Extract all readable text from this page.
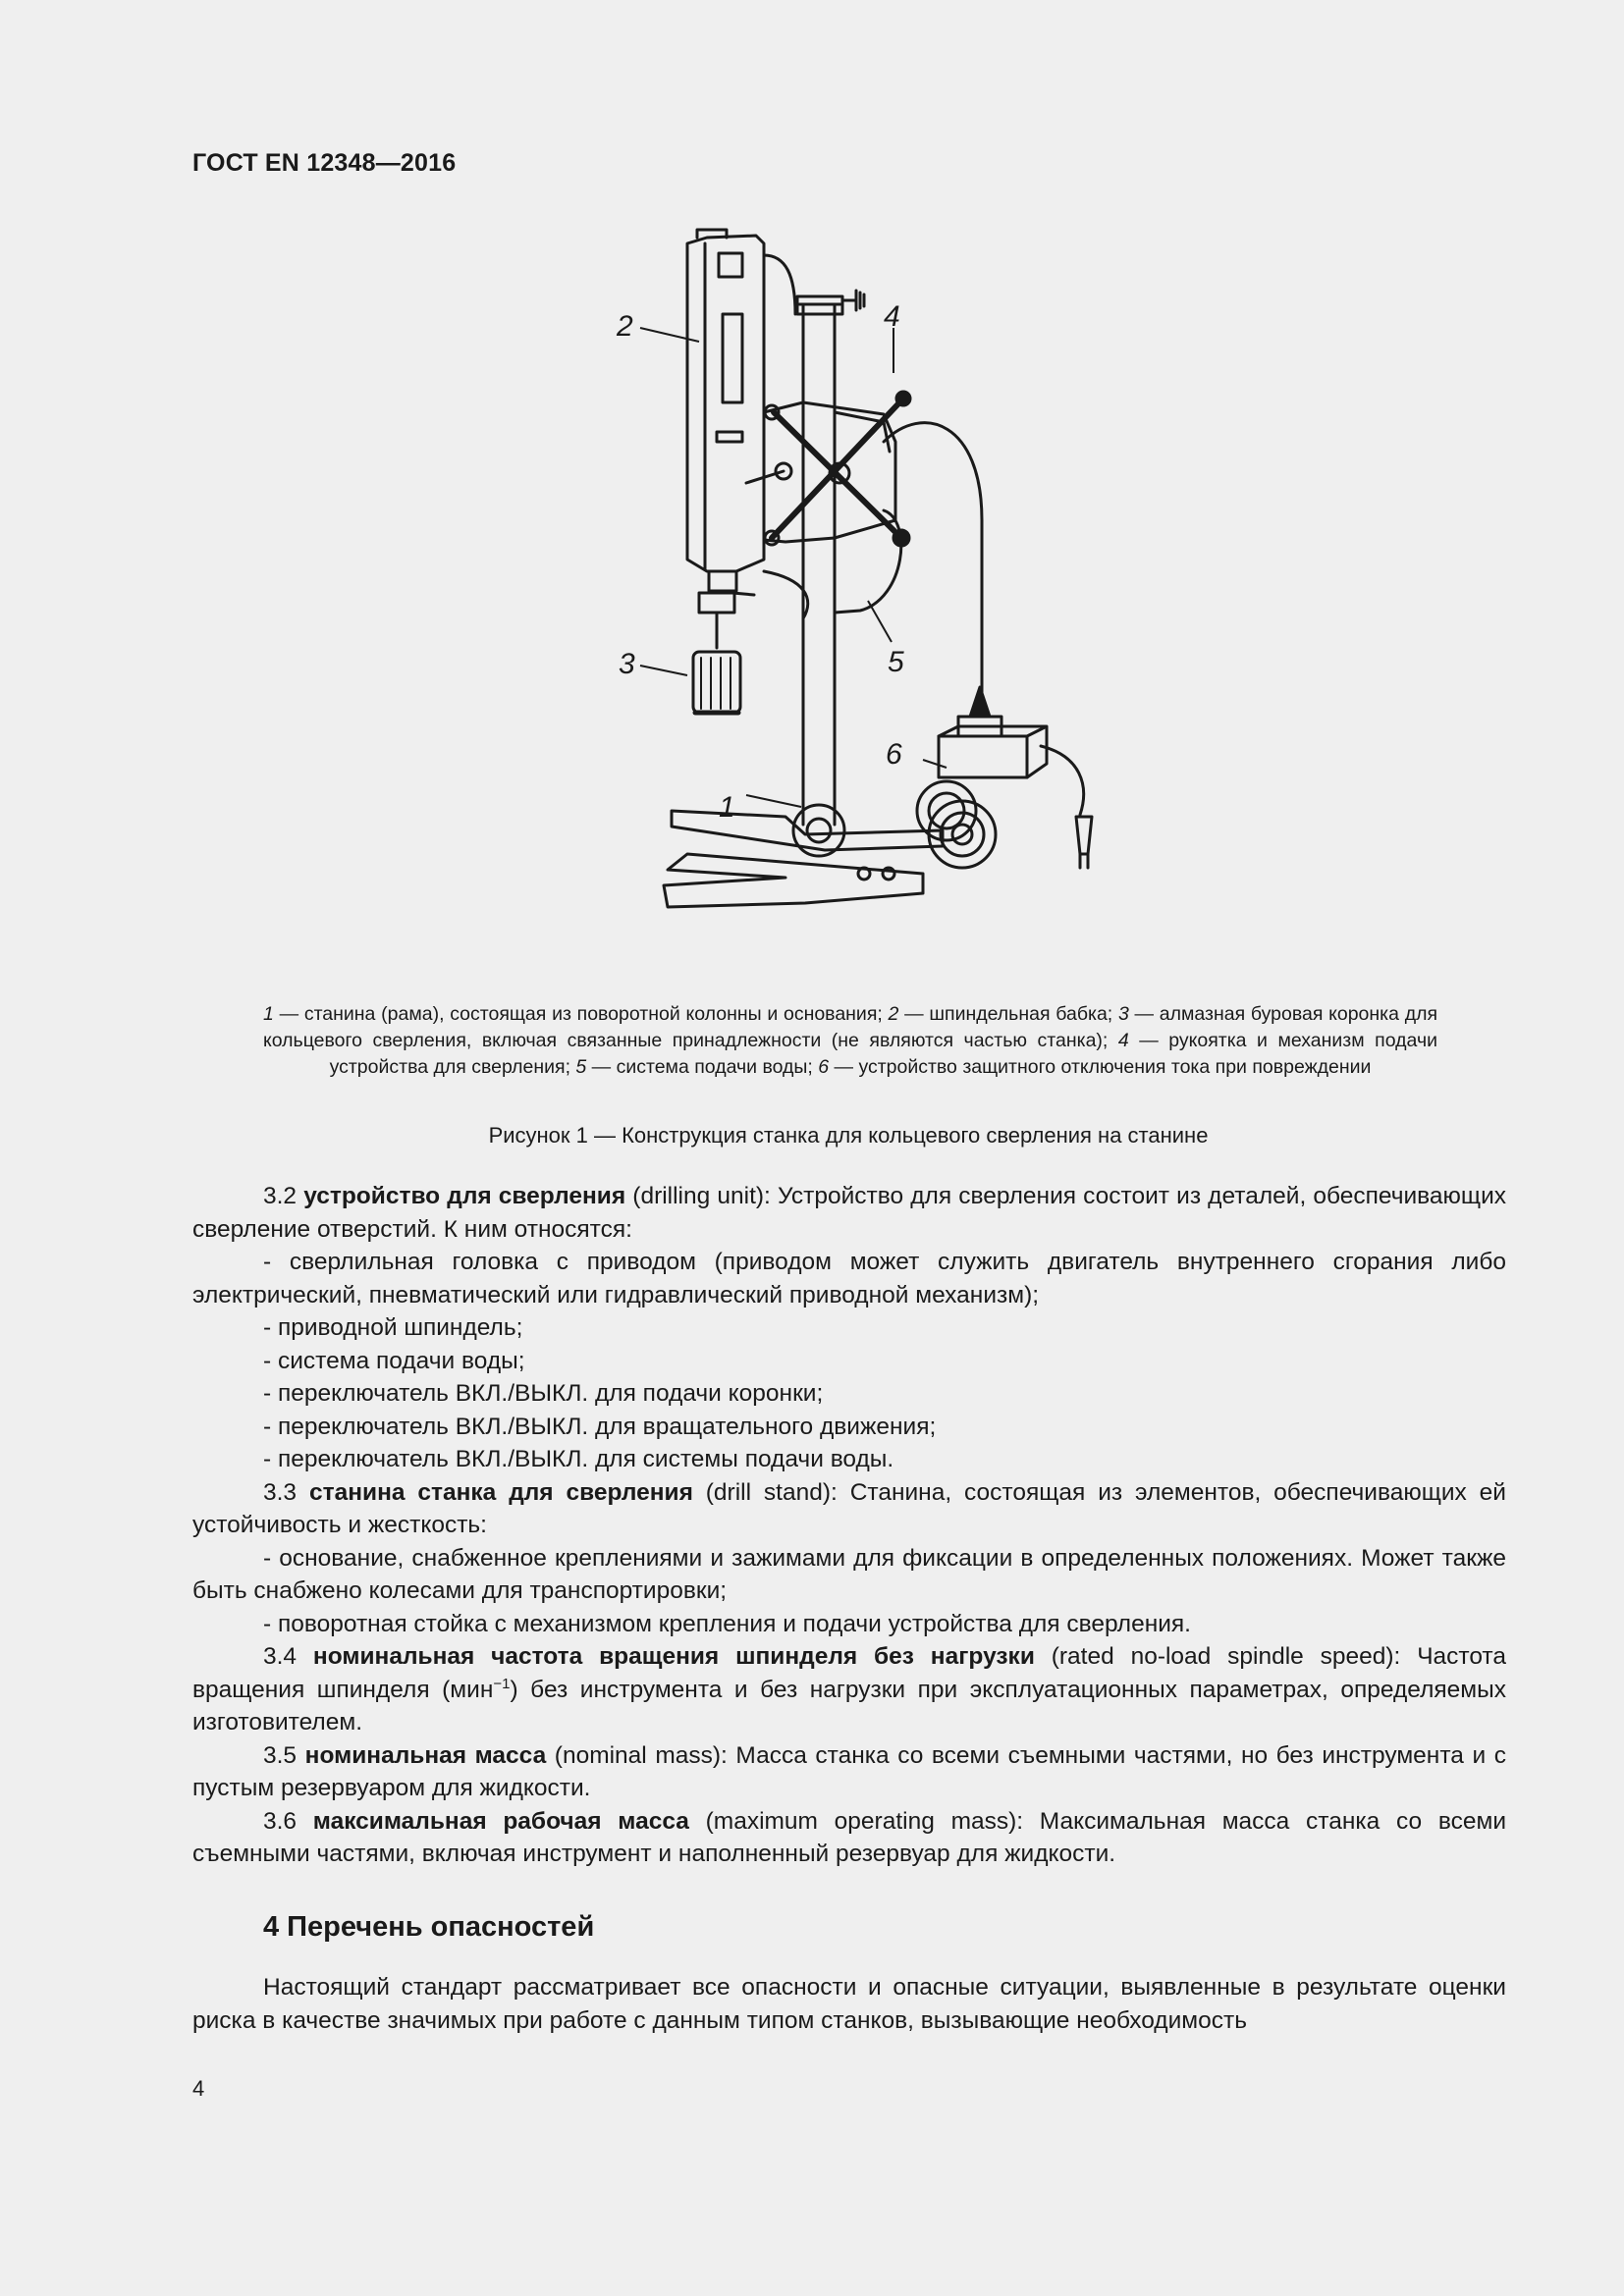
ГОСТ EN 12348—2016
2	4
3	5
6
1
1 — станина (рама), состоящая из поворотной колонны и основания; 2 — шпиндельная бабка; 3 — алмазная буровая коронка для кольцевого сверления, включая связанные принадлежности (не являются частью станка); 4 — рукоятка и механизм подачи устройства для сверления; 5 — система подачи воды; 6 — устройство защитного отключения тока при повреждении
Рисунок 1 — Конструкция станка для кольцевого сверления на станине

3.2 устройство для сверления (drilling unit): Устройство для сверления состоит из деталей, обеспечивающих сверление отверстий. К ним относятся:

- сверлильная головка с приводом (приводом может служить двигатель внутреннего сгорания либо электрический, пневматический или гидравлический приводной механизм);

- приводной шпиндель;

- система подачи воды;

- переключатель ВКЛ./ВЫКЛ. для подачи коронки;

- переключатель ВКЛ./ВЫКЛ. для вращательного движения;

- переключатель ВКЛ./ВЫКЛ. для системы подачи воды.

3.3 станина станка для сверления (drill stand): Станина, состоящая из элементов, обеспечивающих ей устойчивость и жесткость:

- основание, снабженное креплениями и зажимами для фиксации в определенных положениях. Может также быть снабжено колесами для транспортировки;

- поворотная стойка с механизмом крепления и подачи устройства для сверления.

3.4 номинальная частота вращения шпинделя без нагрузки (rated no-load spindle speed): Частота вращения шпинделя (мин$^{-1}$) без инструмента и без нагрузки при эксплуатационных параметрах, определяемых изготовителем.

3.5 номинальная масса (nominal mass): Масса станка со всеми съемными частями, но без инструмента и с пустым резервуаром для жидкости.

3.6 максимальная рабочая масса (maximum operating mass): Максимальная масса станка со всеми съемными частями, включая инструмент и наполненный резервуар для жидкости.

4 Перечень опасностей

Настоящий стандарт рассматривает все опасности и опасные ситуации, выявленные в результате оценки риска в качестве значимых при работе с данным типом станков, вызывающие необходимость

4
